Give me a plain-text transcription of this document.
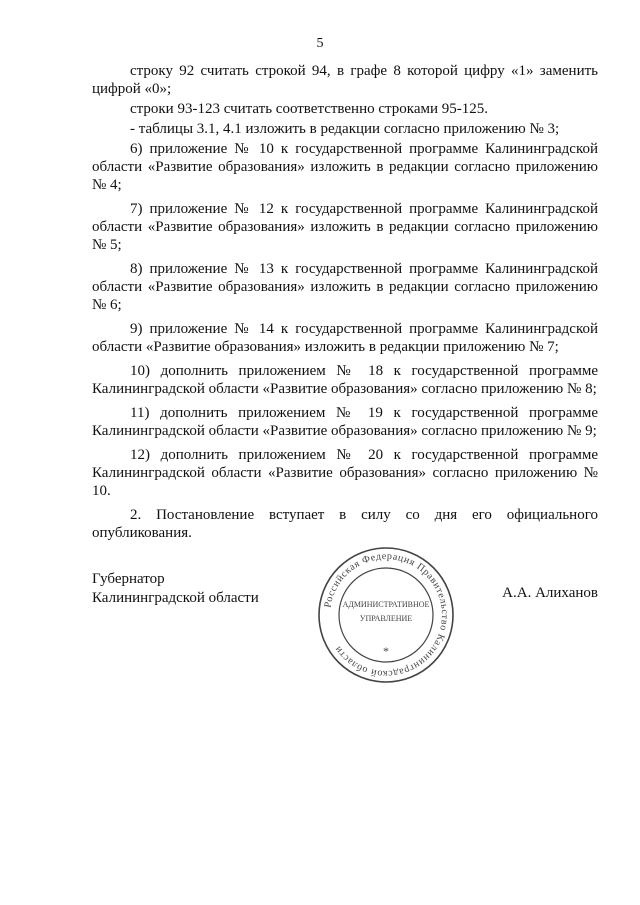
5

строку 92 считать строкой 94, в графе 8 которой цифру «1» заменить цифрой «0»;

строки 93-123 считать соответственно строками 95-125.

- таблицы 3.1, 4.1 изложить в редакции согласно приложению № 3;

6) приложение № 10 к государственной программе Калининградской области «Развитие образования» изложить в редакции согласно приложению № 4;

7) приложение № 12 к государственной программе Калининградской области «Развитие образования» изложить в редакции согласно приложению № 5;

8) приложение № 13 к государственной программе Калининградской области «Развитие образования» изложить в редакции согласно приложению № 6;

9) приложение № 14 к государственной программе Калининградской области «Развитие образования» изложить в редакции приложению № 7;

10) дополнить приложением № 18 к государственной программе Калининградской области «Развитие образования» согласно приложению № 8;

11) дополнить приложением № 19 к государственной программе Калининградской области «Развитие образования» согласно приложению № 9;

12) дополнить приложением № 20 к государственной программе Калининградской области «Развитие образования» согласно приложению № 10.

2. Постановление вступает в силу со дня его официального опубликования.

Губернатор
Калининградской области	А.А. Алиханов
Российская Федерация Правительство Калининградской области
АДМИНИСТРАТИВНОЕ
УПРАВЛЕНИЕ
*
